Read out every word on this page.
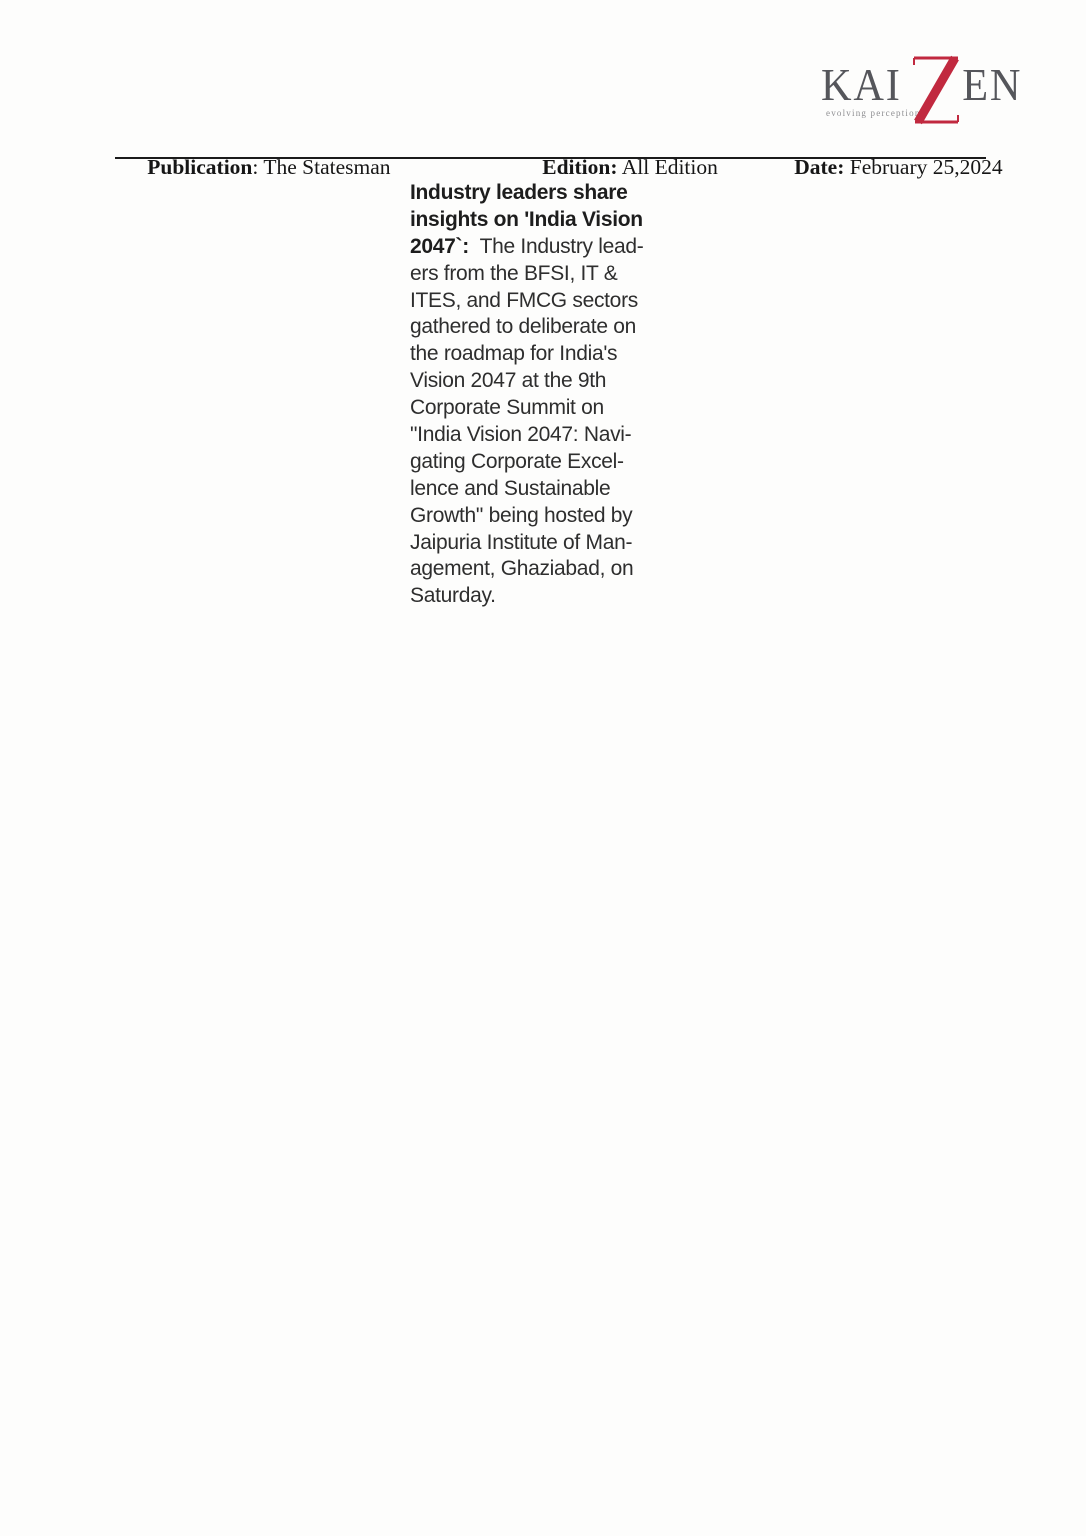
KAI EN
evolving perceptions

Publication: The Statesman
	Edition: All Edition
	Date: February 25,2024

Industry leaders share
insights on 'India Vision
2047`:  The Industry lead-
ers from the BFSI, IT &
ITES, and FMCG sectors
gathered to deliberate on
the roadmap for India's
Vision 2047 at the 9th
Corporate Summit on
"India Vision 2047: Navi-
gating Corporate Excel-
lence and Sustainable
Growth" being hosted by
Jaipuria Institute of Man-
agement, Ghaziabad, on
Saturday.
